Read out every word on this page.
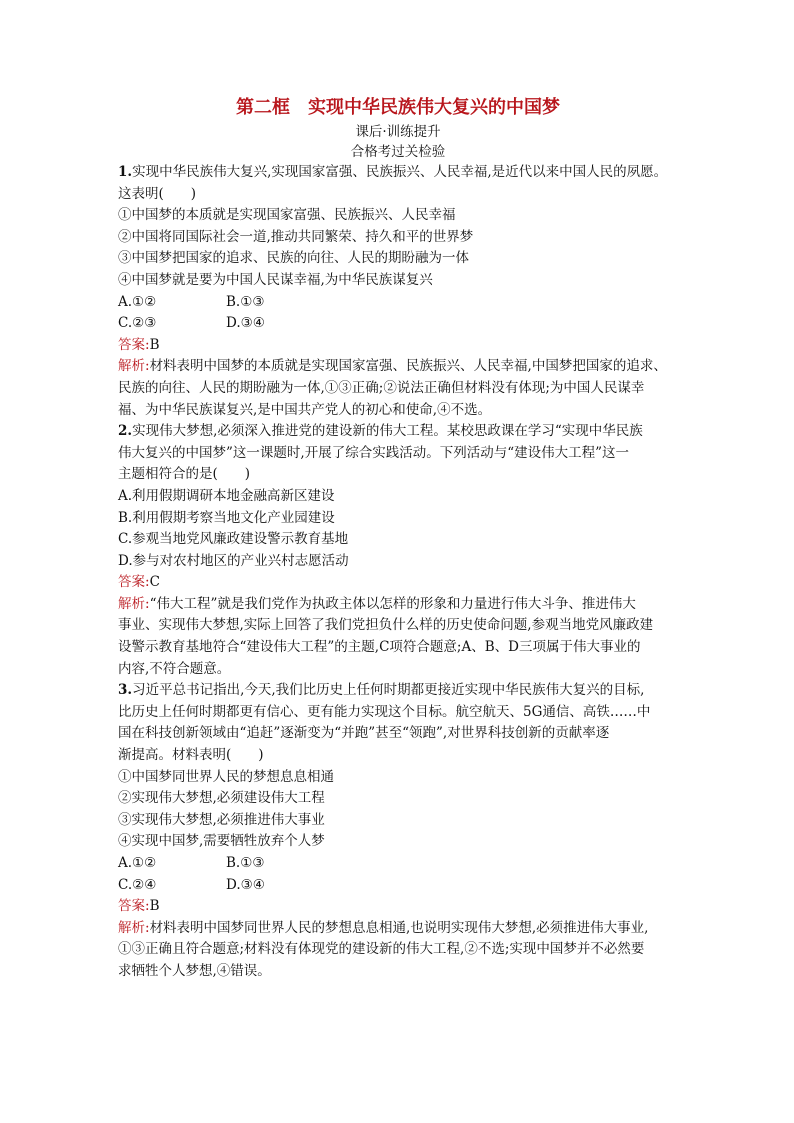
第二框　实现中华民族伟大复兴的中国梦
课后·训练提升
合格考过关检验
1.实现中华民族伟大复兴,实现国家富强、民族振兴、人民幸福,是近代以来中国人民的夙愿。
这表明(　　)
①中国梦的本质就是实现国家富强、民族振兴、人民幸福
②中国将同国际社会一道,推动共同繁荣、持久和平的世界梦
③中国梦把国家的追求、民族的向往、人民的期盼融为一体
④中国梦就是要为中国人民谋幸福,为中华民族谋复兴
A.①②	B.①③
C.②③	D.③④
答案:B
解析:材料表明中国梦的本质就是实现国家富强、民族振兴、人民幸福,中国梦把国家的追求、
民族的向往、人民的期盼融为一体,①③正确;②说法正确但材料没有体现;为中国人民谋幸
福、为中华民族谋复兴,是中国共产党人的初心和使命,④不选。
2.实现伟大梦想,必须深入推进党的建设新的伟大工程。某校思政课在学习“实现中华民族
伟大复兴的中国梦”这一课题时,开展了综合实践活动。下列活动与“建设伟大工程”这一
主题相符合的是(　　)
A.利用假期调研本地金融高新区建设
B.利用假期考察当地文化产业园建设
C.参观当地党风廉政建设警示教育基地
D.参与对农村地区的产业兴村志愿活动
答案:C
解析:“伟大工程”就是我们党作为执政主体以怎样的形象和力量进行伟大斗争、推进伟大
事业、实现伟大梦想,实际上回答了我们党担负什么样的历史使命问题,参观当地党风廉政建
设警示教育基地符合“建设伟大工程”的主题,C项符合题意;A、B、D三项属于伟大事业的
内容,不符合题意。
3.习近平总书记指出,今天,我们比历史上任何时期都更接近实现中华民族伟大复兴的目标,
比历史上任何时期都更有信心、更有能力实现这个目标。航空航天、5G通信、高铁……中
国在科技创新领域由“追赶”逐渐变为“并跑”甚至“领跑”,对世界科技创新的贡献率逐
渐提高。材料表明(　　)
①中国梦同世界人民的梦想息息相通
②实现伟大梦想,必须建设伟大工程
③实现伟大梦想,必须推进伟大事业
④实现中国梦,需要牺牲放弃个人梦
A.①②	B.①③
C.②④	D.③④
答案:B
解析:材料表明中国梦同世界人民的梦想息息相通,也说明实现伟大梦想,必须推进伟大事业,
①③正确且符合题意;材料没有体现党的建设新的伟大工程,②不选;实现中国梦并不必然要
求牺牲个人梦想,④错误。
